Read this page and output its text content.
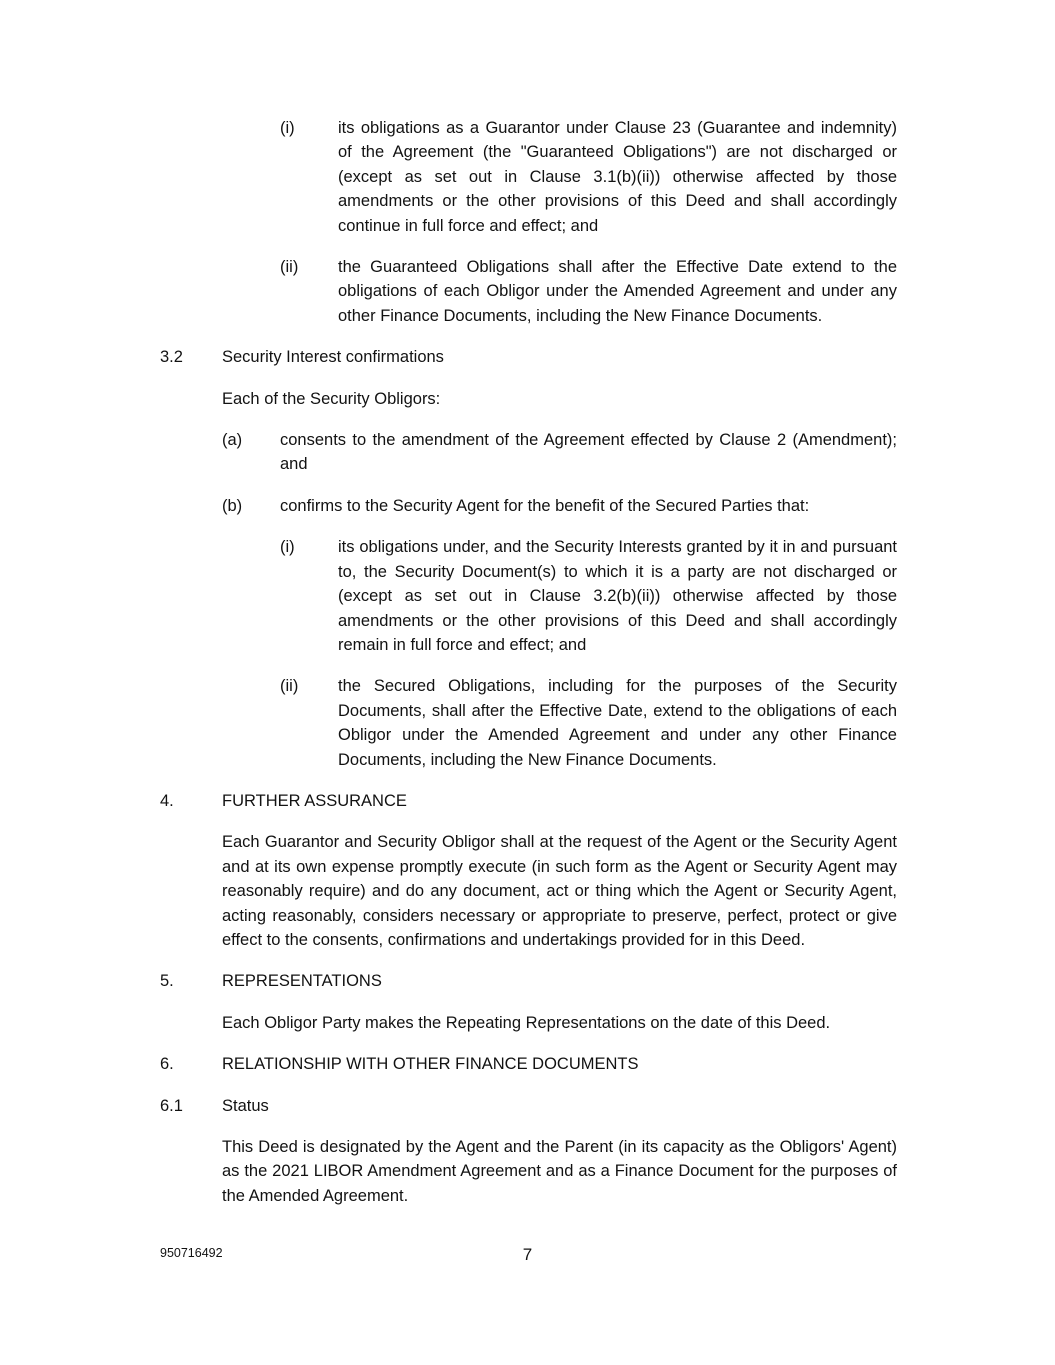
(i)	its obligations as a Guarantor under Clause 23 (Guarantee and indemnity) of the Agreement (the "Guaranteed Obligations") are not discharged or (except as set out in Clause 3.1(b)(ii)) otherwise affected by those amendments or the other provisions of this Deed and shall accordingly continue in full force and effect; and
(ii)	the Guaranteed Obligations shall after the Effective Date extend to the obligations of each Obligor under the Amended Agreement and under any other Finance Documents, including the New Finance Documents.
3.2	Security Interest confirmations
Each of the Security Obligors:
(a)	consents to the amendment of the Agreement effected by Clause 2 (Amendment); and
(b)	confirms to the Security Agent for the benefit of the Secured Parties that:
(i)	its obligations under, and the Security Interests granted by it in and pursuant to, the Security Document(s) to which it is a party are not discharged or (except as set out in Clause 3.2(b)(ii)) otherwise affected by those amendments or the other provisions of this Deed and shall accordingly remain in full force and effect; and
(ii)	the Secured Obligations, including for the purposes of the Security Documents, shall after the Effective Date, extend to the obligations of each Obligor under the Amended Agreement and under any other Finance Documents, including the New Finance Documents.
4.	FURTHER ASSURANCE
Each Guarantor and Security Obligor shall at the request of the Agent or the Security Agent and at its own expense promptly execute (in such form as the Agent or Security Agent may reasonably require) and do any document, act or thing which the Agent or Security Agent, acting reasonably, considers necessary or appropriate to preserve, perfect, protect or give effect to the consents, confirmations and undertakings provided for in this Deed.
5.	REPRESENTATIONS
Each Obligor Party makes the Repeating Representations on the date of this Deed.
6.	RELATIONSHIP WITH OTHER FINANCE DOCUMENTS
6.1	Status
This Deed is designated by the Agent and the Parent (in its capacity as the Obligors' Agent) as the 2021 LIBOR Amendment Agreement and as a Finance Document for the purposes of the Amended Agreement.
950716492	7
